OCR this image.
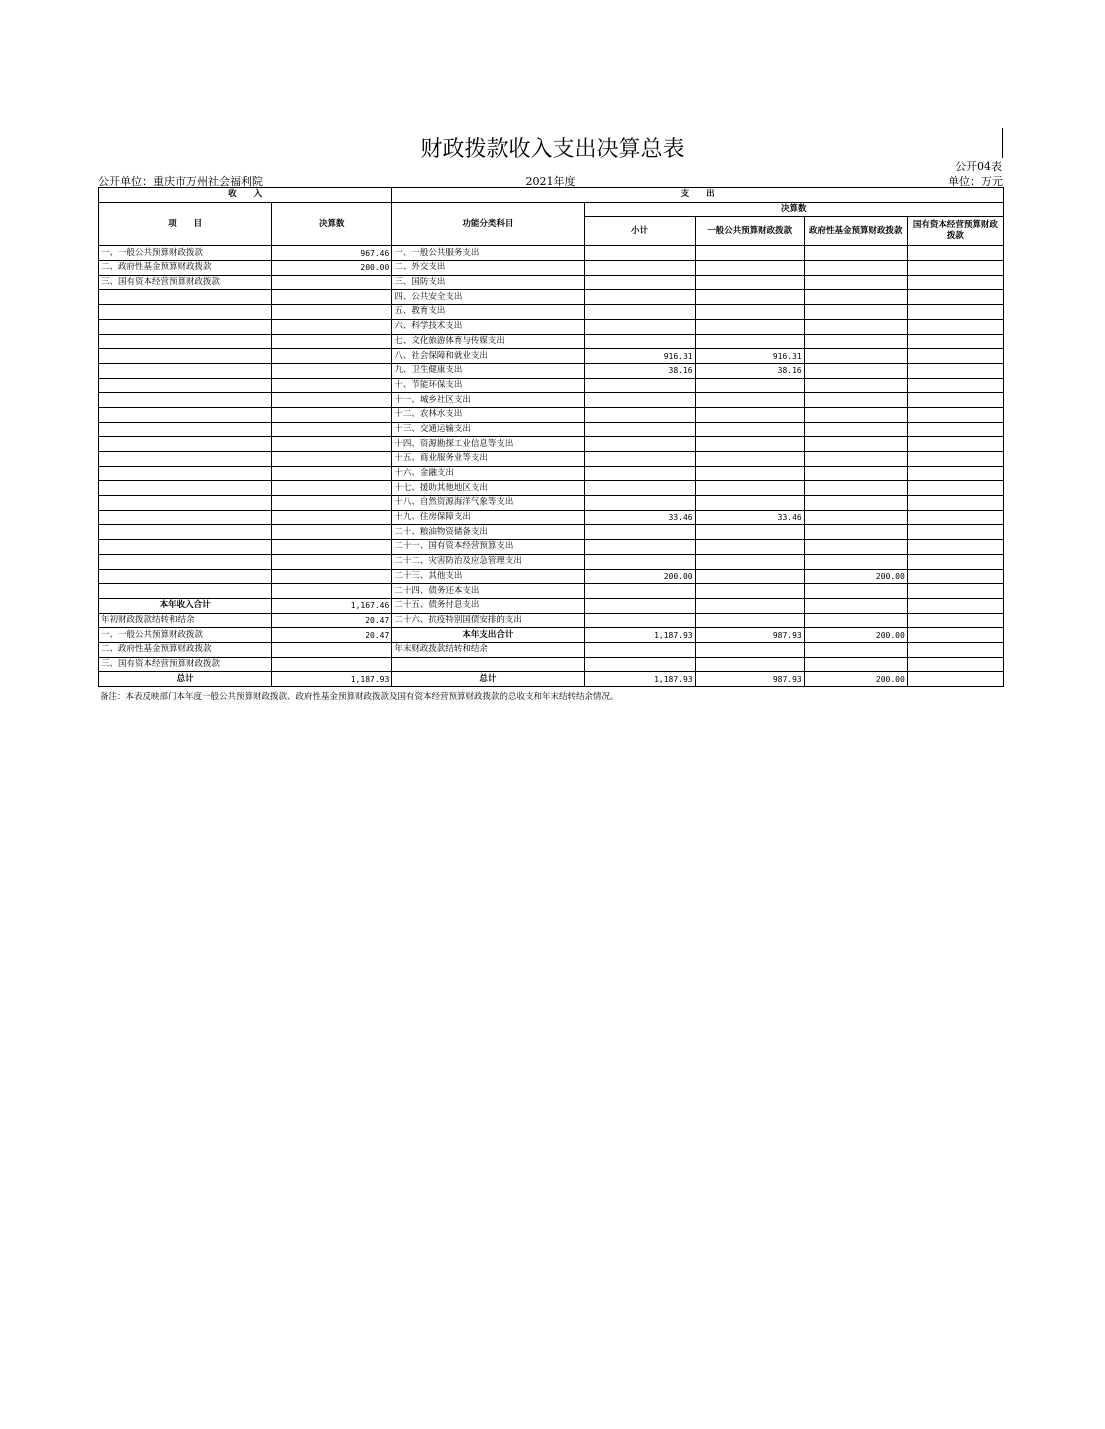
财政拨款收入支出决算总表
公开04表
公开单位：重庆市万州社会福利院	2021年度	单位：万元
收　　入		支　　出				
项　　目	决算数	功能分类科目	决算数			
			小计	一般公共预算财政拨款	政府性基金预算财政拨款	国有资本经营预算财政拨款
一、一般公共预算财政拨款	967.46	一、一般公共服务支出				
二、政府性基金预算财政拨款	200.00	二、外交支出				
三、国有资本经营预算财政拨款		三、国防支出				
		四、公共安全支出				
		五、教育支出				
		六、科学技术支出				
		七、文化旅游体育与传媒支出				
		八、社会保障和就业支出	916.31	916.31		
		九、卫生健康支出	38.16	38.16		
		十、节能环保支出				
		十一、城乡社区支出				
		十二、农林水支出				
		十三、交通运输支出				
		十四、资源勘探工业信息等支出				
		十五、商业服务业等支出				
		十六、金融支出				
		十七、援助其他地区支出				
		十八、自然资源海洋气象等支出				
		十九、住房保障支出	33.46	33.46		
		二十、粮油物资储备支出				
		二十一、国有资本经营预算支出				
		二十二、灾害防治及应急管理支出				
		二十三、其他支出	200.00		200.00	
		二十四、债务还本支出				
本年收入合计	1,167.46	二十五、债务付息支出				
年初财政拨款结转和结余	20.47	二十六、抗疫特别国债安排的支出				
一、一般公共预算财政拨款	20.47	本年支出合计	1,187.93	987.93	200.00	
二、政府性基金预算财政拨款		年末财政拨款结转和结余				
三、国有资本经营预算财政拨款						
总计	1,187.93	总计	1,187.93	987.93	200.00	
备注：本表反映部门本年度一般公共预算财政拨款、政府性基金预算财政拨款及国有资本经营预算财政拨款的总收支和年末结转结余情况。
